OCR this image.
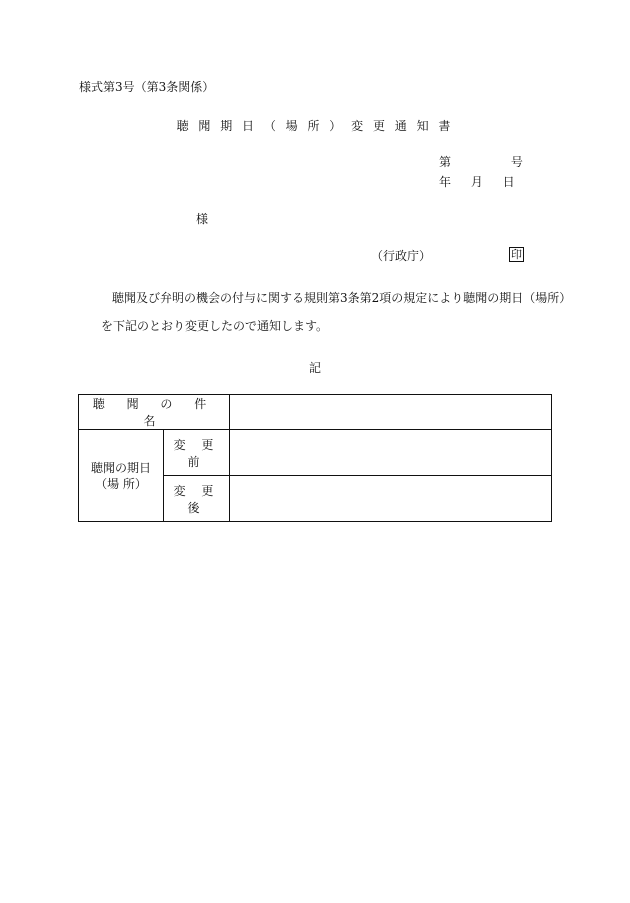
様式第3号（第3条関係）
聴 聞 期 日 （ 場 所 ） 変 更 通 知 書
第 号
年 月 日
様
（行政庁）	印
聴聞及び弁明の機会の付与に関する規則第3条第2項の規定により聴聞の期日（場所）
を下記のとおり変更したので通知します。
記
聴 聞 の 件 名		

聴聞の期日
（場 所）	変 更 前	
	変 更 後	
